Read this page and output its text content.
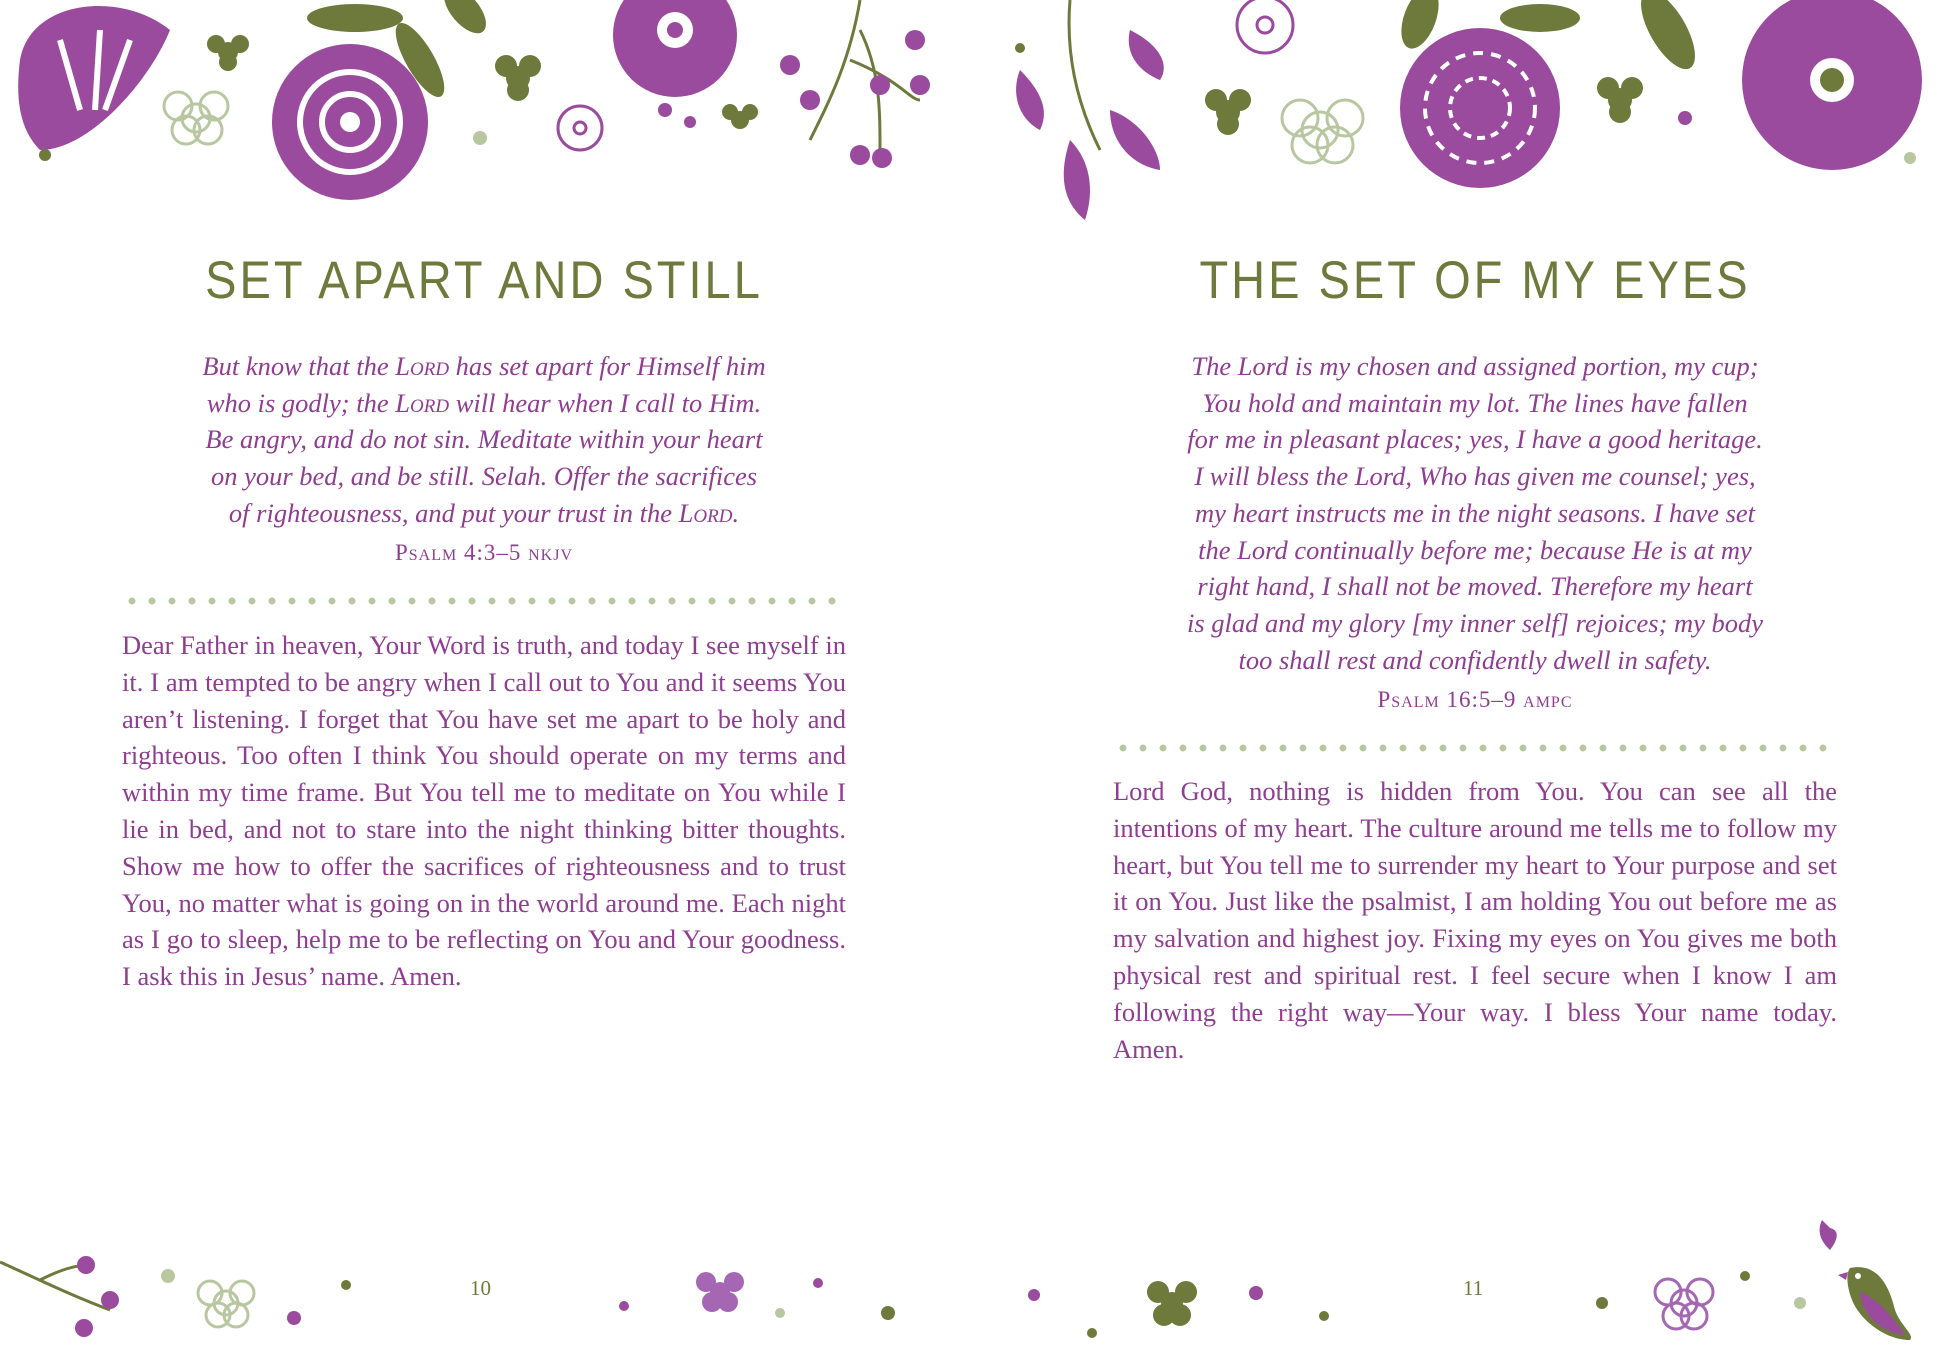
SET APART AND STILL
But know that the Lord has set apart for Himself him
who is godly; the Lord will hear when I call to Him.
Be angry, and do not sin. Meditate within your heart
on your bed, and be still. Selah. Offer the sacrifices
of righteousness, and put your trust in the Lord.
Psalm 4:3–5 nkjv
Dear Father in heaven, Your Word is truth, and today I see myself in it. I am tempted to be angry when I call out to You and it seems You aren’t listening. I forget that You have set me apart to be holy and righteous. Too often I think You should operate on my terms and within my time frame. But You tell me to meditate on You while I lie in bed, and not to stare into the night thinking bitter thoughts. Show me how to offer the sacrifices of righteousness and to trust You, no matter what is going on in the world around me. Each night as I go to sleep, help me to be reflecting on You and Your goodness. I ask this in Jesus’ name. Amen.
10
THE SET OF MY EYES
The Lord is my chosen and assigned portion, my cup;
You hold and maintain my lot. The lines have fallen
for me in pleasant places; yes, I have a good heritage.
I will bless the Lord, Who has given me counsel; yes,
my heart instructs me in the night seasons. I have set
the Lord continually before me; because He is at my
right hand, I shall not be moved. Therefore my heart
is glad and my glory [my inner self] rejoices; my body
too shall rest and confidently dwell in safety.
Psalm 16:5–9 ampc
Lord God, nothing is hidden from You. You can see all the intentions of my heart. The culture around me tells me to follow my heart, but You tell me to surrender my heart to Your purpose and set it on You. Just like the psalmist, I am holding You out before me as my salvation and highest joy. Fixing my eyes on You gives me both physical rest and spiritual rest. I feel secure when I know I am following the right way—Your way. I bless Your name today. Amen.
11
